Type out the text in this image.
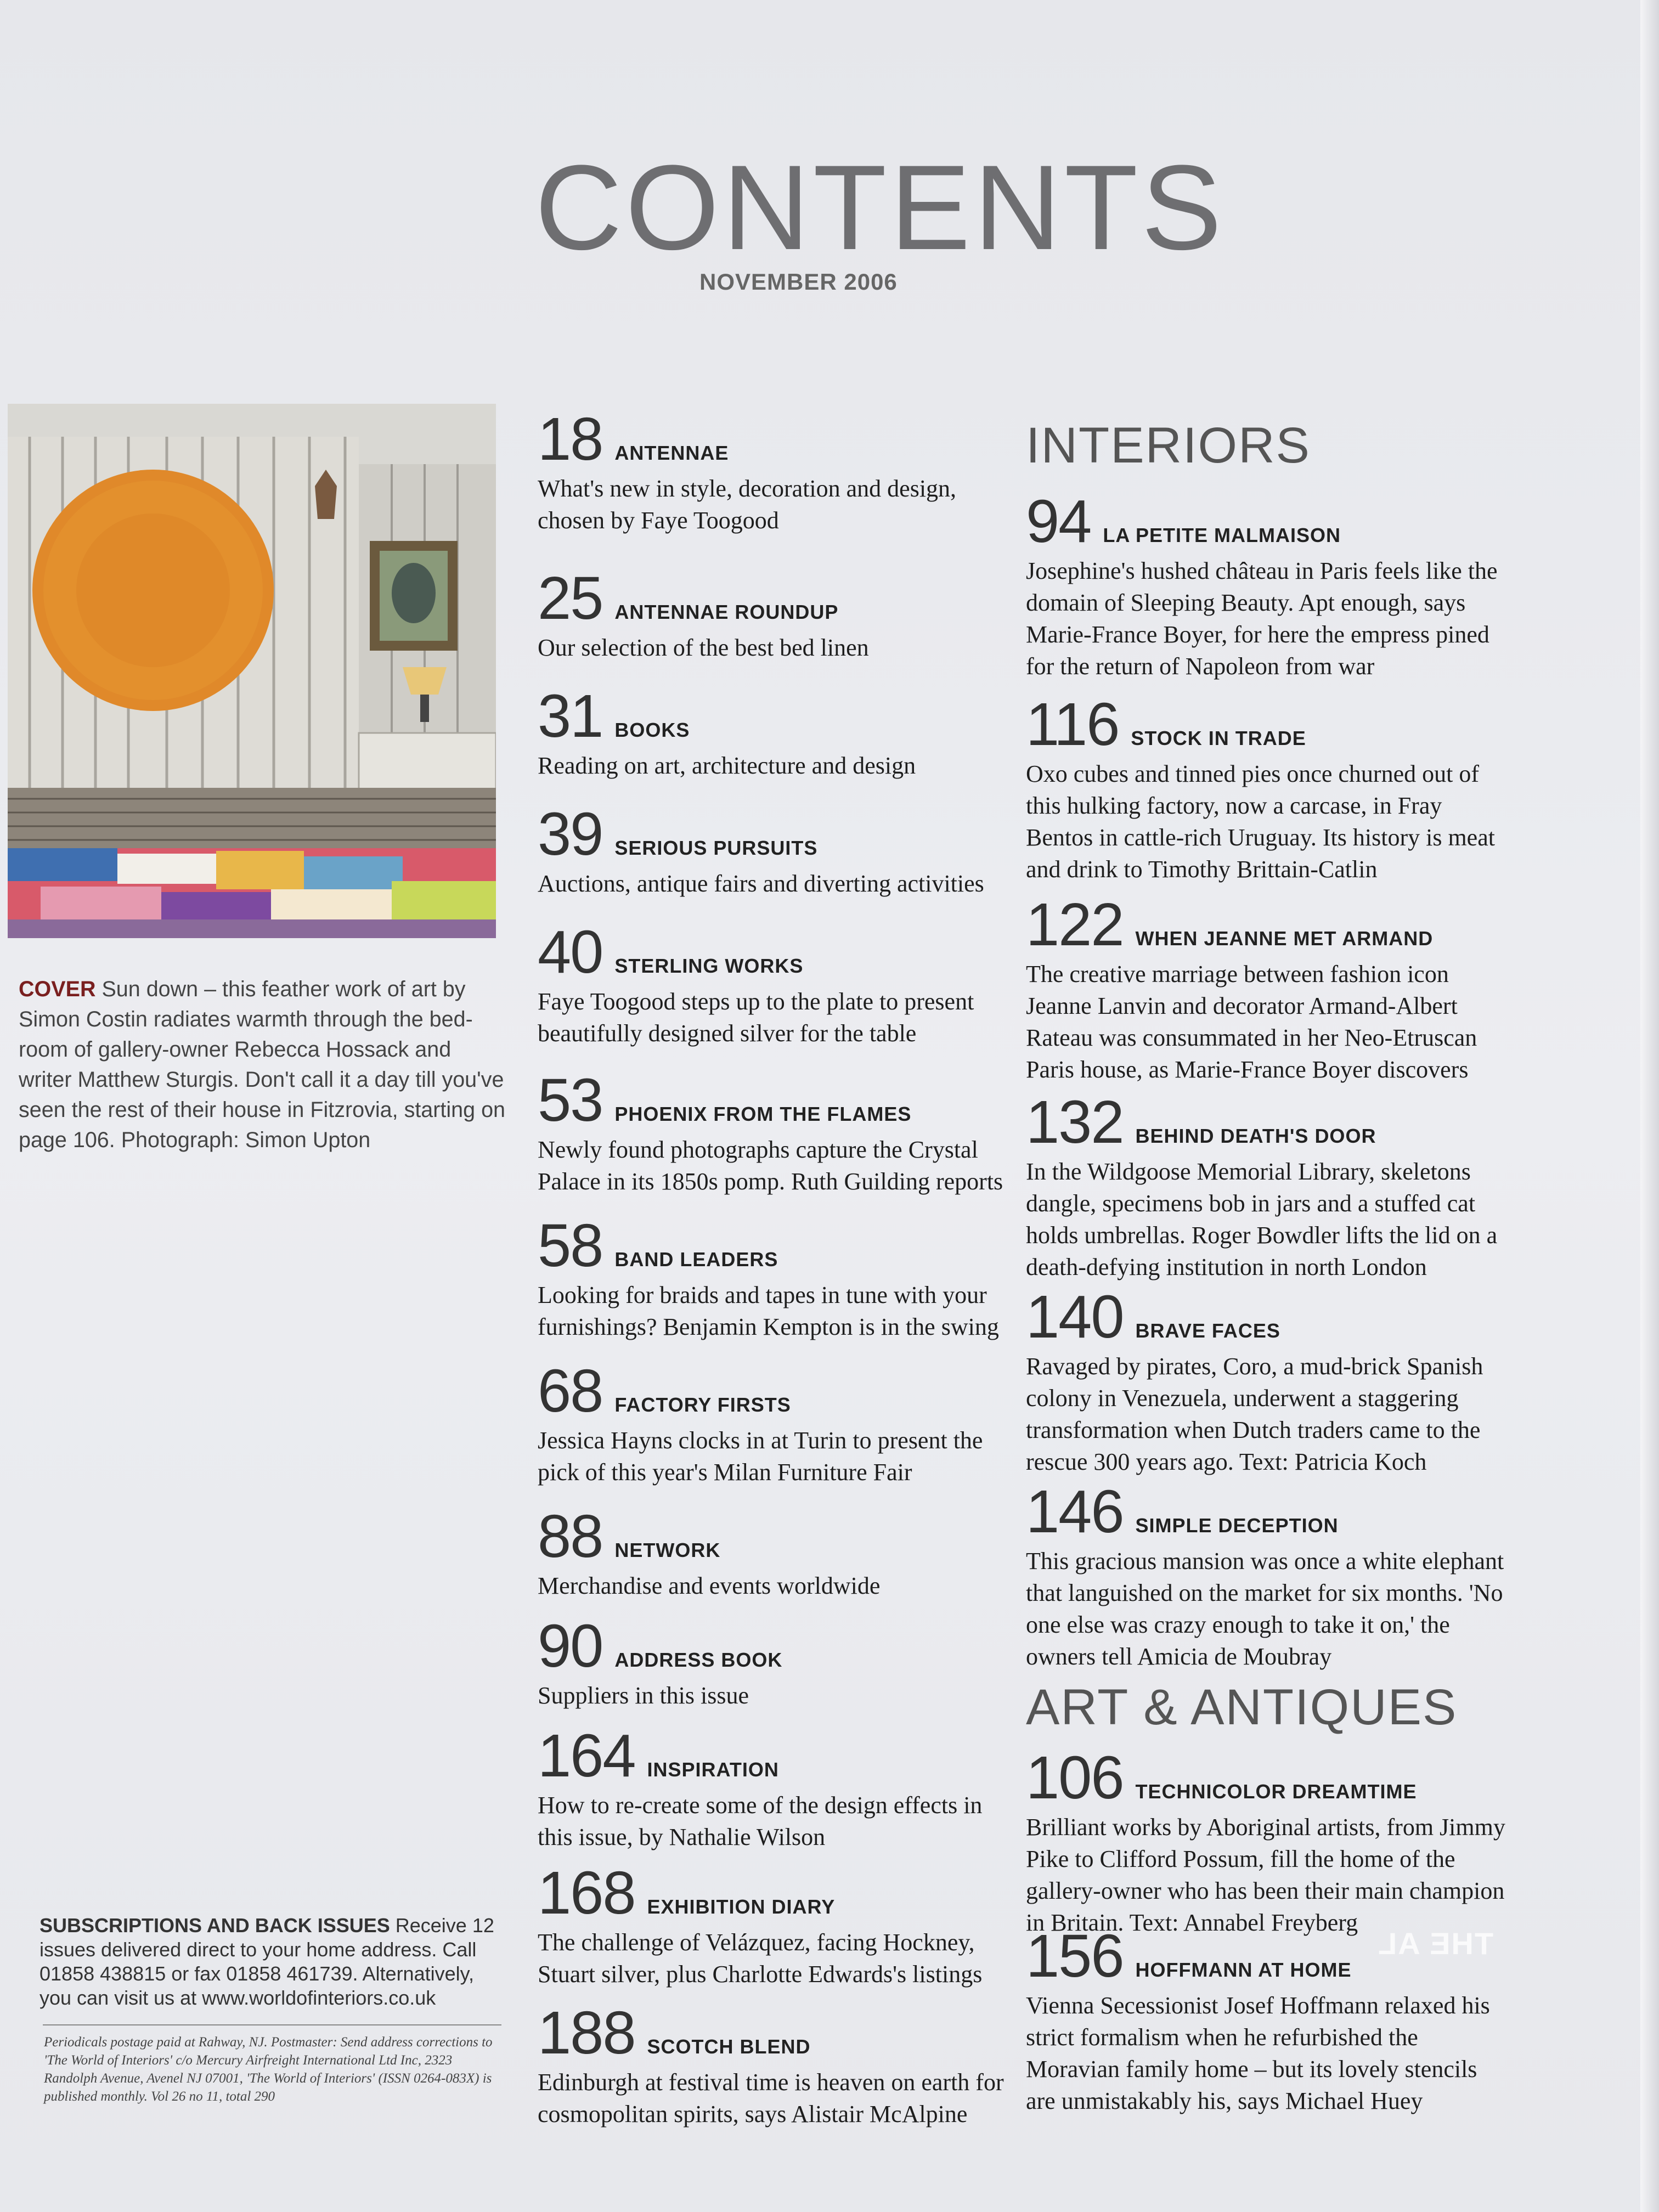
CONTENTS
NOVEMBER 2006
COVER Sun down – this feather work of art by Simon Costin radiates warmth through the bed-room of gallery-owner Rebecca Hossack and writer Matthew Sturgis. Don't call it a day till you've seen the rest of their house in Fitzrovia, starting on page 106. Photograph: Simon Upton
SUBSCRIPTIONS AND BACK ISSUES Receive 12 issues delivered direct to your home address. Call 01858 438815 or fax 01858 461739. Alternatively, you can visit us at www.worldofinteriors.co.uk
Periodicals postage paid at Rahway, NJ. Postmaster: Send address corrections to 'The World of Interiors' c/o Mercury Airfreight International Ltd Inc, 2323 Randolph Avenue, Avenel NJ 07001, 'The World of Interiors' (ISSN 0264-083X) is published monthly. Vol 26 no 11, total 290
18 ANTENNAE
What's new in style, decoration and design, chosen by Faye Toogood
25 ANTENNAE ROUNDUP
Our selection of the best bed linen
31 BOOKS
Reading on art, architecture and design
39 SERIOUS PURSUITS
Auctions, antique fairs and diverting activities
40 STERLING WORKS
Faye Toogood steps up to the plate to present beautifully designed silver for the table
53 PHOENIX FROM THE FLAMES
Newly found photographs capture the Crystal Palace in its 1850s pomp. Ruth Guilding reports
58 BAND LEADERS
Looking for braids and tapes in tune with your furnishings? Benjamin Kempton is in the swing
68 FACTORY FIRSTS
Jessica Hayns clocks in at Turin to present the pick of this year's Milan Furniture Fair
88 NETWORK
Merchandise and events worldwide
90 ADDRESS BOOK
Suppliers in this issue
164 INSPIRATION
How to re-create some of the design effects in this issue, by Nathalie Wilson
168 EXHIBITION DIARY
The challenge of Velázquez, facing Hockney, Stuart silver, plus Charlotte Edwards's listings
188 SCOTCH BLEND
Edinburgh at festival time is heaven on earth for cosmopolitan spirits, says Alistair McAlpine
INTERIORS
94 LA PETITE MALMAISON
Josephine's hushed château in Paris feels like the domain of Sleeping Beauty. Apt enough, says Marie-France Boyer, for here the empress pined for the return of Napoleon from war
116 STOCK IN TRADE
Oxo cubes and tinned pies once churned out of this hulking factory, now a carcase, in Fray Bentos in cattle-rich Uruguay. Its history is meat and drink to Timothy Brittain-Catlin
122 WHEN JEANNE MET ARMAND
The creative marriage between fashion icon Jeanne Lanvin and decorator Armand-Albert Rateau was consummated in her Neo-Etruscan Paris house, as Marie-France Boyer discovers
132 BEHIND DEATH'S DOOR
In the Wildgoose Memorial Library, skeletons dangle, specimens bob in jars and a stuffed cat holds umbrellas. Roger Bowdler lifts the lid on a death-defying institution in north London
140 BRAVE FACES
Ravaged by pirates, Coro, a mud-brick Spanish colony in Venezuela, underwent a staggering transformation when Dutch traders came to the rescue 300 years ago. Text: Patricia Koch
146 SIMPLE DECEPTION
This gracious mansion was once a white elephant that languished on the market for six months. 'No one else was crazy enough to take it on,' the owners tell Amicia de Moubray
ART & ANTIQUES
106 TECHNICOLOR DREAMTIME
Brilliant works by Aboriginal artists, from Jimmy Pike to Clifford Possum, fill the home of the gallery-owner who has been their main champion in Britain. Text: Annabel Freyberg
156 HOFFMANN AT HOME
Vienna Secessionist Josef Hoffmann relaxed his strict formalism when he refurbished the Moravian family home – but its lovely stencils are unmistakably his, says Michael Huey
THE AL
